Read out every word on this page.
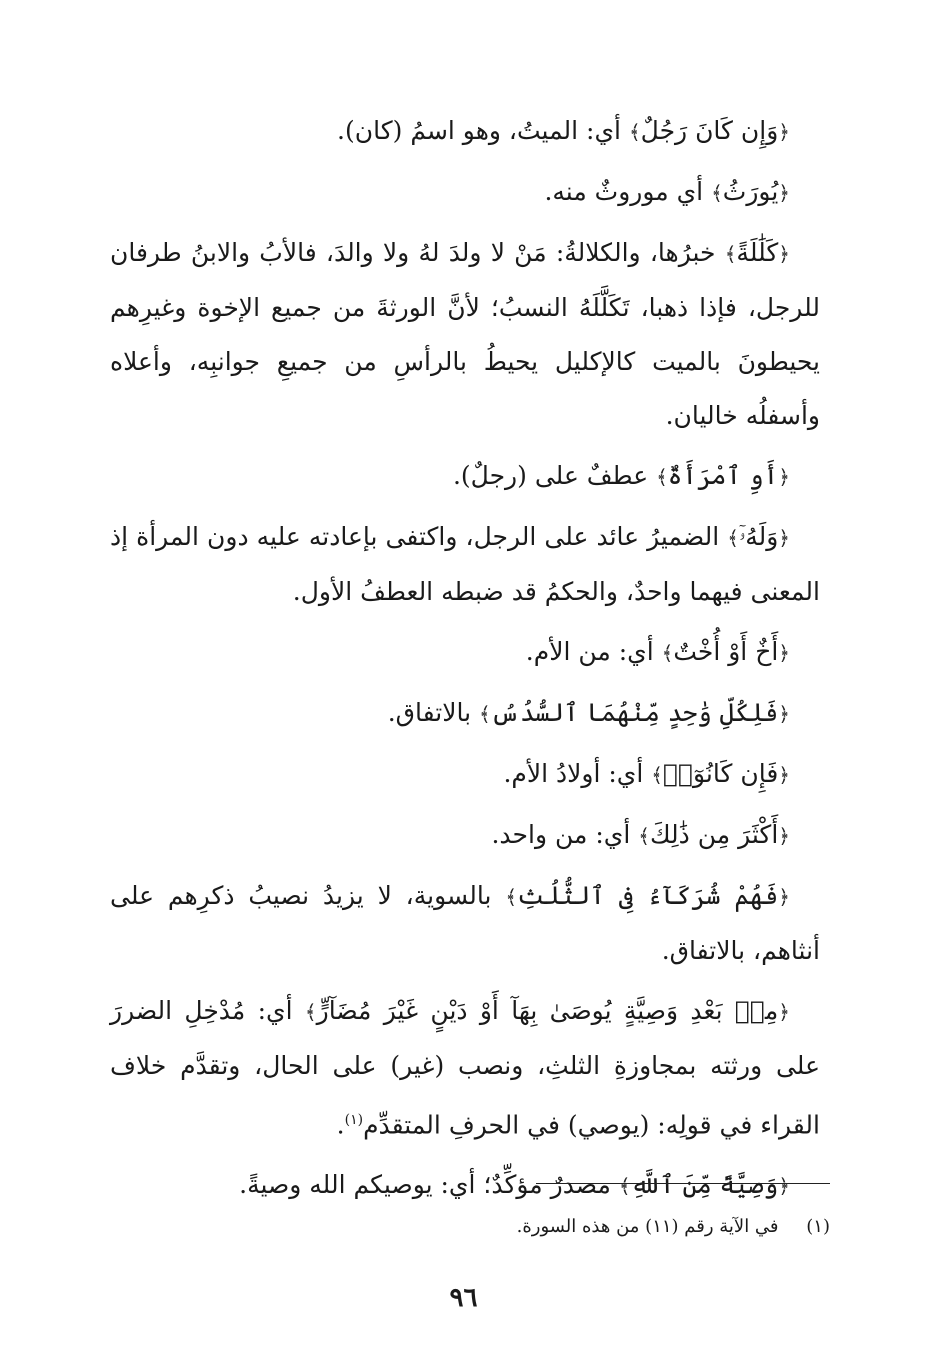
﴿وَإِن كَانَ رَجُلٌ﴾ أي: الميتُ، وهو اسمُ (كان).

﴿يُورَثُ﴾ أي موروثٌ منه.

﴿كَلَٰلَةً﴾ خبرُها، والكلالةُ: مَنْ لا ولدَ لهُ ولا والدَ، فالأبُ والابنُ طرفان للرجل، فإذا ذهبا، تَكَلَّلَهُ النسبُ؛ لأنَّ الورثةَ من جميع الإخوة وغيرِهم يحيطونَ بالميت كالإكليل يحيطُ بالرأسِ من جميعِ جوانبِه، وأعلاه وأسفلُه خاليان.

﴿أَوِ ٱمْرَأَةٌ﴾ عطفٌ على (رجلٌ).

﴿وَلَهُۥٓ﴾ الضميرُ عائد على الرجل، واكتفى بإعادته عليه دون المرأة إذ المعنى فيهما واحدٌ، والحكمُ قد ضبطه العطفُ الأول.

﴿أَخٌ أَوْ أُخْتٌ﴾ أي: من الأم.

﴿فَلِكُلِّ وَٰحِدٍ مِّنْهُمَا ٱلسُّدُسُ﴾ بالاتفاق.

﴿فَإِن كَانُوٓا۟﴾ أي: أولادُ الأم.

﴿أَكْثَرَ مِن ذَٰلِكَ﴾ أي: من واحد.

﴿فَهُمْ شُرَكَآءُ فِى ٱلثُّلُثِ﴾ بالسوية، لا يزيدُ نصيبُ ذكرِهم على أنثاهم، بالاتفاق.

﴿مِنۢ بَعْدِ وَصِيَّةٍ يُوصَىٰ بِهَآ أَوْ دَيْنٍ غَيْرَ مُضَآرٍّ﴾ أي: مُدْخِلِ الضررَ على ورثته بمجاوزةِ الثلثِ، ونصب (غير) على الحال، وتقدَّم خلاف القراء في قولِه: (يوصي) في الحرفِ المتقدِّم$^{(١)}$.

﴿وَصِيَّةً مِّنَ ٱللَّهِ﴾ مصدرٌ مؤكِّدٌ؛ أي: يوصيكم الله وصيةً.

(١) في الآية رقم (١١) من هذه السورة.
٩٦
